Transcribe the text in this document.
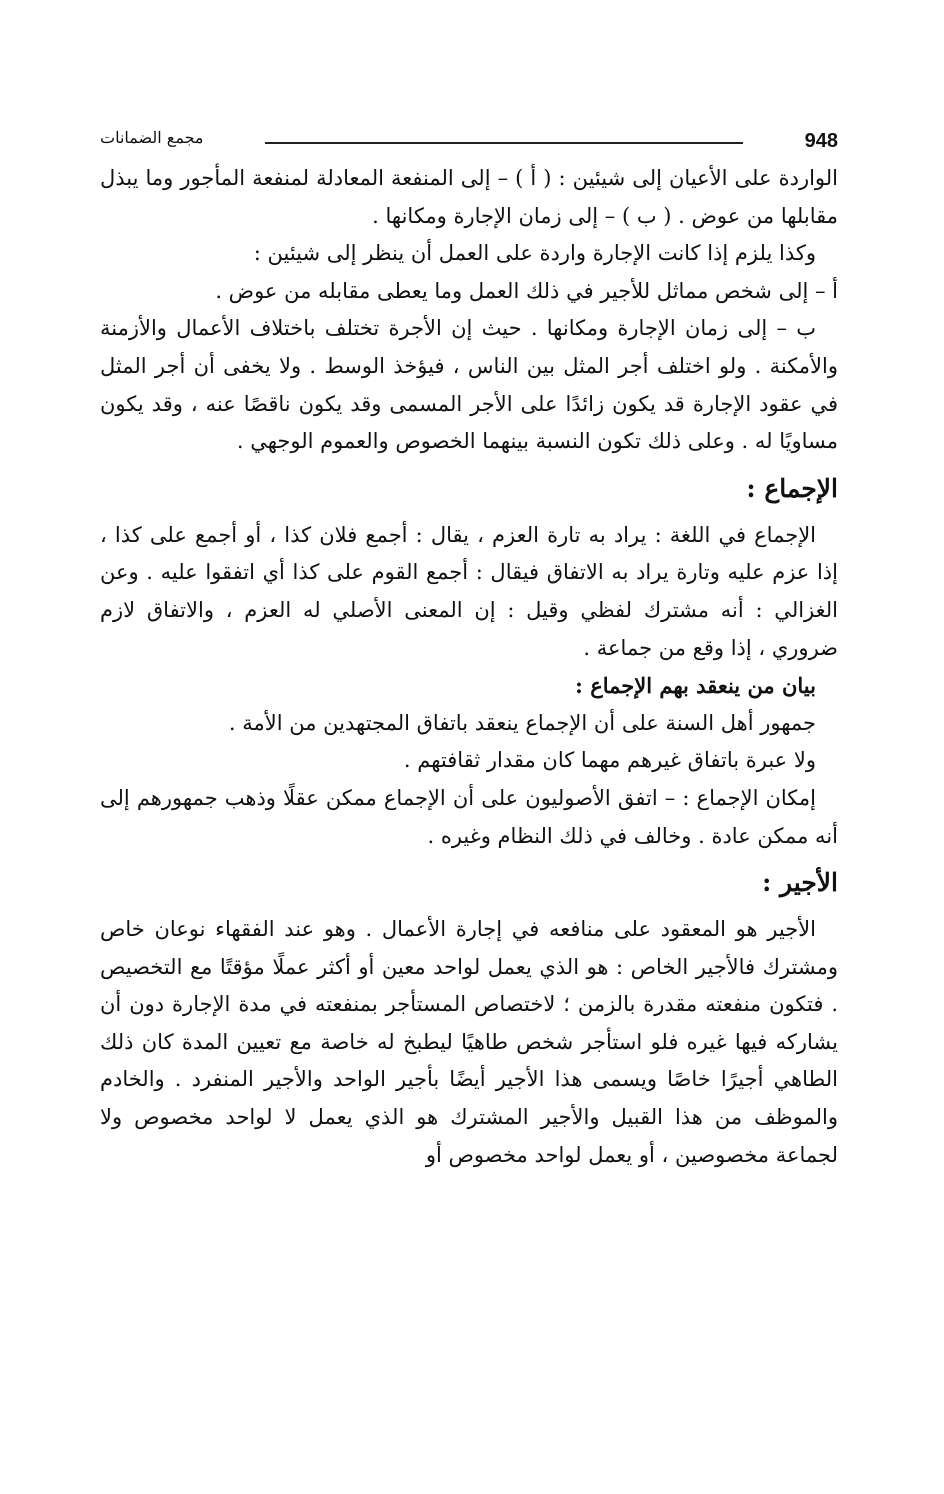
948
مجمع الضمانات

الواردة على الأعيان إلى شيئين : ( أ ) – إلى المنفعة المعادلة لمنفعة المأجور وما يبذل مقابلها من عوض . ( ب ) – إلى زمان الإجارة ومكانها .

وكذا يلزم إذا كانت الإجارة واردة على العمل أن ينظر إلى شيئين :

أ – إلى شخص مماثل للأجير في ذلك العمل وما يعطى مقابله من عوض .

ب – إلى زمان الإجارة ومكانها . حيث إن الأجرة تختلف باختلاف الأعمال والأزمنة والأمكنة . ولو اختلف أجر المثل بين الناس ، فيؤخذ الوسط . ولا يخفى أن أجر المثل في عقود الإجارة قد يكون زائدًا على الأجر المسمى وقد يكون ناقصًا عنه ، وقد يكون مساويًا له . وعلى ذلك تكون النسبة بينهما الخصوص والعموم الوجهي .

الإجماع :

الإجماع في اللغة : يراد به تارة العزم ، يقال : أجمع فلان كذا ، أو أجمع على كذا ، إذا عزم عليه وتارة يراد به الاتفاق فيقال : أجمع القوم على كذا أي اتفقوا عليه . وعن الغزالي : أنه مشترك لفظي وقيل : إن المعنى الأصلي له العزم ، والاتفاق لازم ضروري ، إذا وقع من جماعة .

بيان من ينعقد بهم الإجماع :

جمهور أهل السنة على أن الإجماع ينعقد باتفاق المجتهدين من الأمة .

ولا عبرة باتفاق غيرهم مهما كان مقدار ثقافتهم .

إمكان الإجماع : – اتفق الأصوليون على أن الإجماع ممكن عقلًا وذهب جمهورهم إلى أنه ممكن عادة . وخالف في ذلك النظام وغيره .

الأجير :

الأجير هو المعقود على منافعه في إجارة الأعمال . وهو عند الفقهاء نوعان خاص ومشترك فالأجير الخاص : هو الذي يعمل لواحد معين أو أكثر عملًا مؤقتًا مع التخصيص . فتكون منفعته مقدرة بالزمن ؛ لاختصاص المستأجر بمنفعته في مدة الإجارة دون أن يشاركه فيها غيره فلو استأجر شخص طاهيًا ليطبخ له خاصة مع تعيين المدة كان ذلك الطاهي أجيرًا خاصًا ويسمى هذا الأجير أيضًا بأجير الواحد والأجير المنفرد . والخادم والموظف من هذا القبيل والأجير المشترك هو الذي يعمل لا لواحد مخصوص ولا لجماعة مخصوصين ، أو يعمل لواحد مخصوص أو
